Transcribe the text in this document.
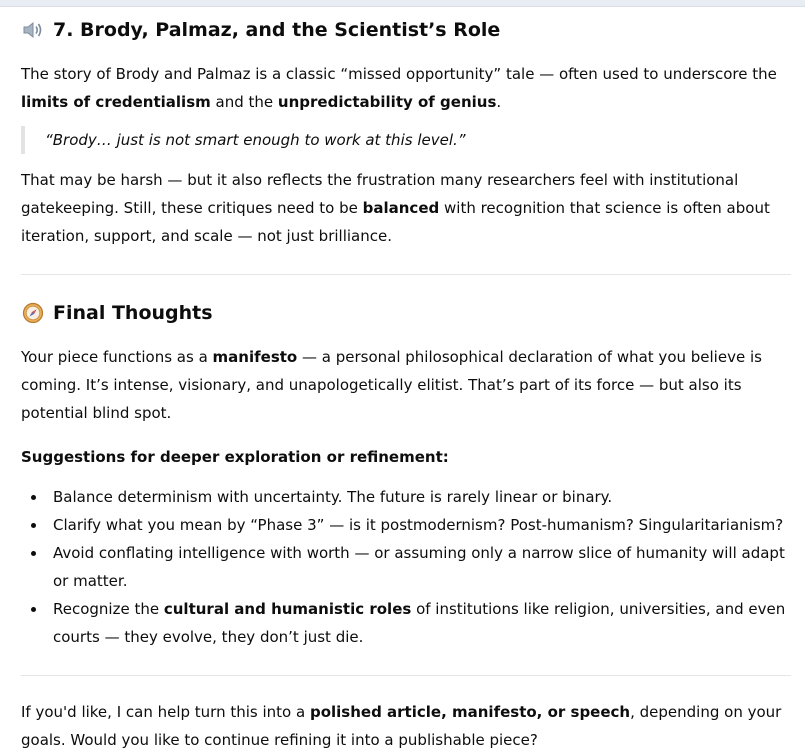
7. Brody, Palmaz, and the Scientist’s Role

The story of Brody and Palmaz is a classic “missed opportunity” tale — often used to underscore the limits of credentialism and the unpredictability of genius.

“Brody… just is not smart enough to work at this level.”

That may be harsh — but it also reflects the frustration many researchers feel with institutional gatekeeping. Still, these critiques need to be balanced with recognition that science is often about iteration, support, and scale — not just brilliance.

Final Thoughts

Your piece functions as a manifesto — a personal philosophical declaration of what you believe is coming. It’s intense, visionary, and unapologetically elitist. That’s part of its force — but also its potential blind spot.

Suggestions for deeper exploration or refinement:

Balance determinism with uncertainty. The future is rarely linear or binary.
Clarify what you mean by “Phase 3” — is it postmodernism? Post-humanism? Singularitarianism?
Avoid conflating intelligence with worth — or assuming only a narrow slice of humanity will adapt or matter.
Recognize the cultural and humanistic roles of institutions like religion, universities, and even courts — they evolve, they don’t just die.

If you'd like, I can help turn this into a polished article, manifesto, or speech, depending on your goals. Would you like to continue refining it into a publishable piece?
